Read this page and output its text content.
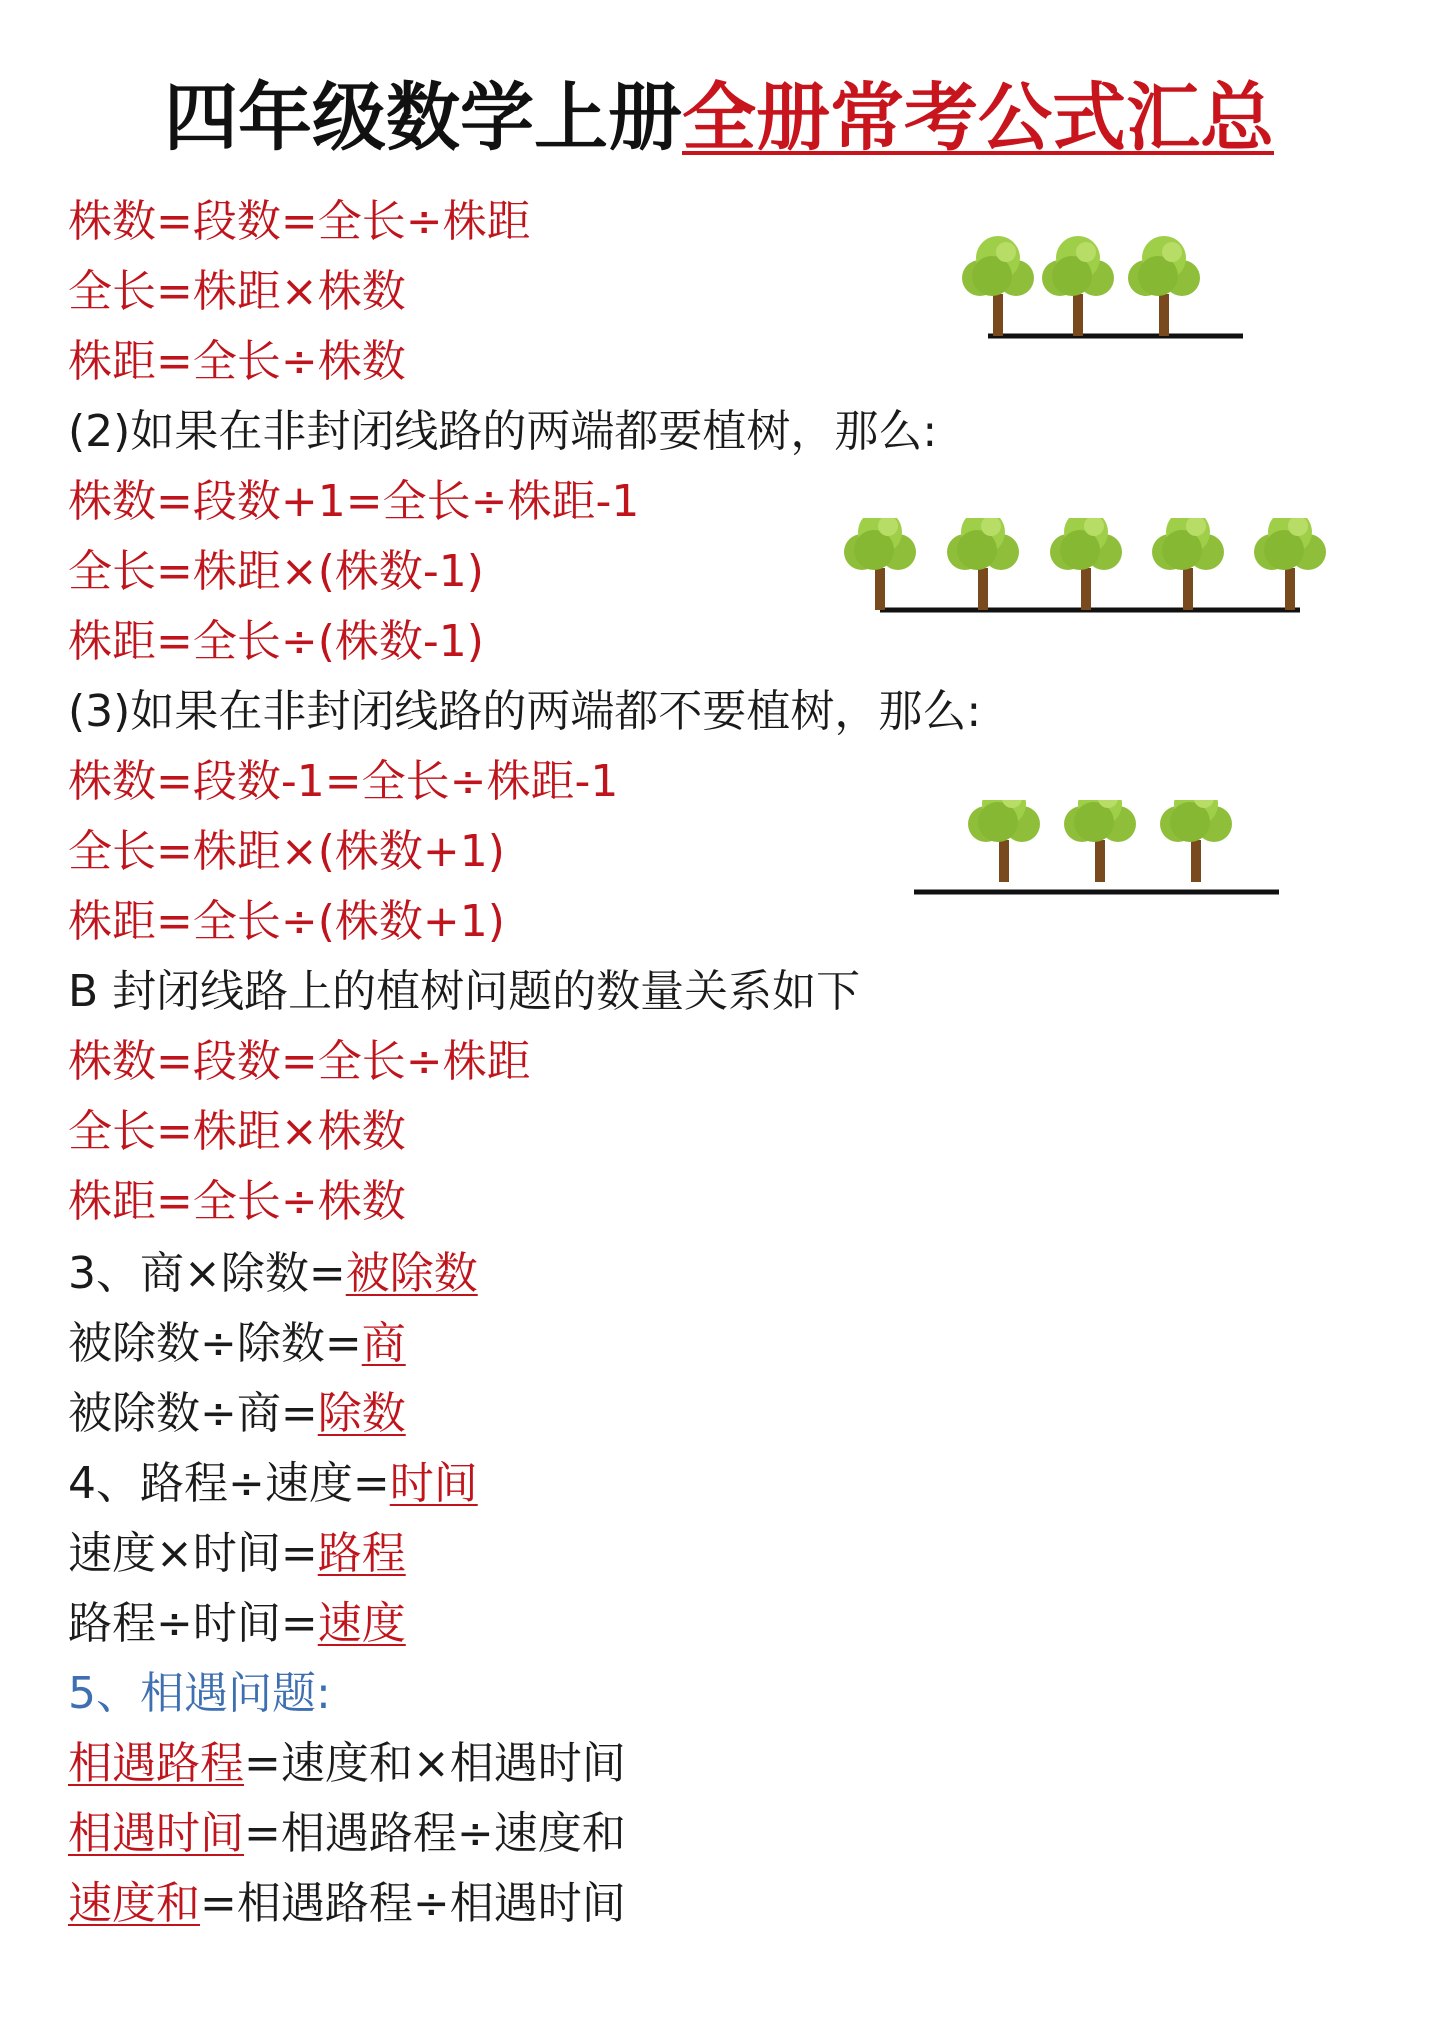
四年级数学上册全册常考公式汇总
株数=段数=全长÷株距
全长=株距×株数
株距=全长÷株数
(2)如果在非封闭线路的两端都要植树，那么:
株数=段数+1=全长÷株距-1
全长=株距×(株数-1)
株距=全长÷(株数-1)
(3)如果在非封闭线路的两端都不要植树，那么:
株数=段数-1=全长÷株距-1
全长=株距×(株数+1)
株距=全长÷(株数+1)
B 封闭线路上的植树问题的数量关系如下
株数=段数=全长÷株距
全长=株距×株数
株距=全长÷株数
3、商×除数=被除数
被除数÷除数=商
被除数÷商=除数
4、路程÷速度=时间
速度×时间=路程
路程÷时间=速度
5、相遇问题:
相遇路程=速度和×相遇时间
相遇时间=相遇路程÷速度和
速度和=相遇路程÷相遇时间
